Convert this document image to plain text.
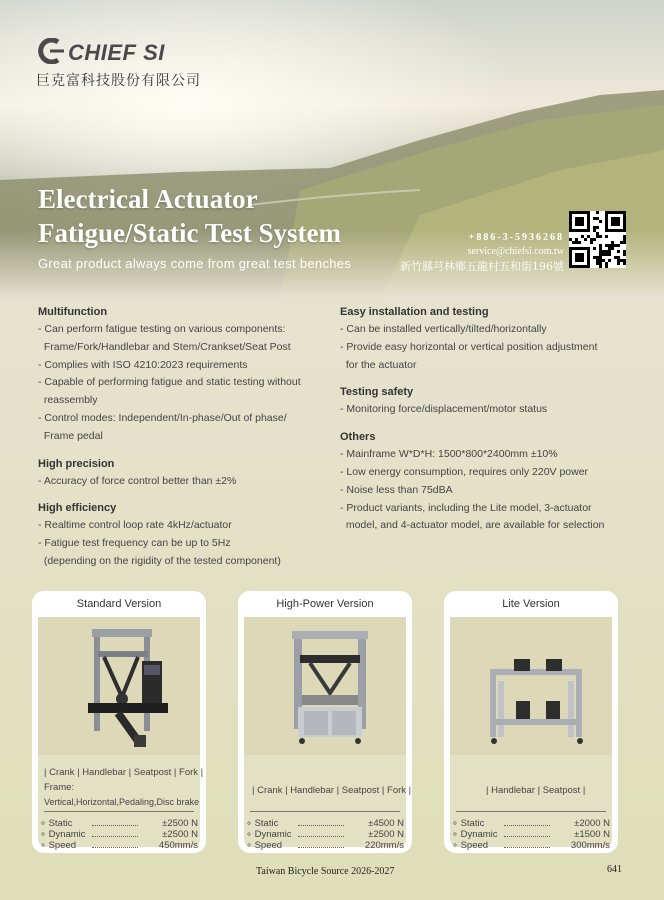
CHIEF SI
巨克富科技股份有限公司
Electrical Actuator
Fatigue/Static Test System
Great product always come from great test benches
+886-3-5936268
service@chiefsi.com.tw
新竹縣芎林鄉五龍村五和街196號
Multifunction
- Can perform fatigue testing on various components:
Frame/Fork/Handlebar and Stem/Crankset/Seat Post
- Complies with ISO 4210:2023 requirements
- Capable of performing fatigue and static testing without
reassembly
- Control modes: Independent/In-phase/Out of phase/
Frame pedal
High precision
- Accuracy of force control better than ±2%
High efficiency
- Realtime control loop rate 4kHz/actuator
- Fatigue test frequency can be up to 5Hz
(depending on the rigidity of the tested component)
Easy installation and testing
- Can be installed vertically/tilted/horizontally
- Provide easy horizontal or vertical position adjustment
for the actuator
Testing safety
- Monitoring force/displacement/motor status
Others
- Mainframe W*D*H: 1500*800*2400mm ±10%
- Low energy consumption, requires only 220V power
- Noise less than 75dBA
- Product variants, including the Lite model, 3-actuator
model, and 4-actuator model, are available for selection
Standard Version
| Crank | Handlebar | Seatpost | Fork |
Frame:
Vertical,Horizontal,Pedaling,Disc brake
∘ Static	±2500 N
∘ Dynamic	±2500 N
∘ Speed	450mm/s
High-Power Version
| Crank | Handlebar | Seatpost | Fork |
∘ Static	±4500 N
∘ Dynamic	±2500 N
∘ Speed	220mm/s
Lite Version
| Handlebar | Seatpost |
∘ Static	±2000 N
∘ Dynamic	±1500 N
∘ Speed	300mm/s
Taiwan Bicycle Source 2026-2027	641
